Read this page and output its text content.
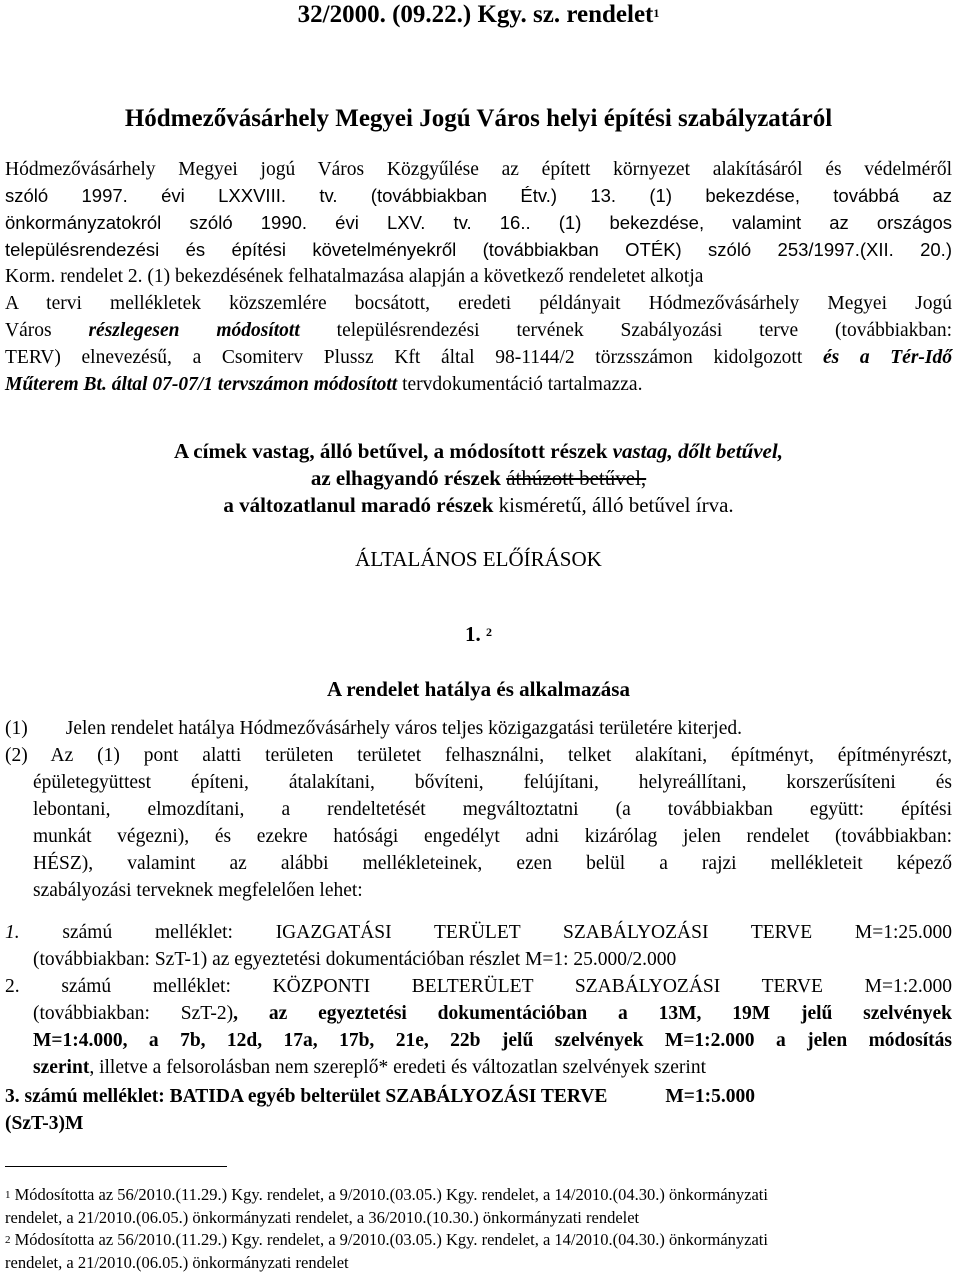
32/2000. (09.22.) Kgy. sz. rendelet$^1$
Hódmezővásárhely Megyei Jogú Város helyi építési szabályzatáról
Hódmezővásárhely Megyei jogú Város Közgyűlése az épített környezet alakításáról és védelméről
szóló 1997. évi LXXVIII. tv. (továbbiakban Étv.) 13. (1) bekezdése, továbbá az
önkormányzatokról szóló 1990. évi LXV. tv. 16.. (1) bekezdése, valamint az országos
településrendezési és építési követelményekről (továbbiakban OTÉK) szóló 253/1997.(XII. 20.)
Korm. rendelet 2. (1) bekezdésének felhatalmazása alapján a következő rendeletet alkotja
A tervi mellékletek közszemlére bocsátott, eredeti példányait Hódmezővásárhely Megyei Jogú
Város részlegesen módosított településrendezési tervének Szabályozási terve (továbbiakban:
TERV) elnevezésű, a Csomiterv Plussz Kft által 98-1144/2 törzsszámon kidolgozott és a Tér-Idő
Műterem Bt. által 07-07/1 tervszámon módosított tervdokumentáció tartalmazza.
A címek vastag, álló betűvel, a módosított részek vastag, dőlt betűvel,
az elhagyandó részek áthúzott betűvel,
a változatlanul maradó részek kisméretű, álló betűvel írva.
ÁLTALÁNOS ELŐÍRÁSOK
1. $^2$
A rendelet hatálya és alkalmazása
(1) Jelen rendelet hatálya Hódmezővásárhely város teljes közigazgatási területére kiterjed.
(2) Az (1) pont alatti területen területet felhasználni, telket alakítani, építményt, építményrészt,
épületegyüttest építeni, átalakítani, bővíteni, felújítani, helyreállítani, korszerűsíteni és
lebontani, elmozdítani, a rendeltetését megváltoztatni (a továbbiakban együtt: építési
munkát végezni), és ezekre hatósági engedélyt adni kizárólag jelen rendelet (továbbiakban:
HÉSZ), valamint az alábbi mellékleteinek, ezen belül a rajzi mellékleteit képező
szabályozási terveknek megfelelően lehet:
1. számú melléklet: IGAZGATÁSI TERÜLET SZABÁLYOZÁSI TERVE M=1:25.000
(továbbiakban: SzT-1) az egyeztetési dokumentációban részlet M=1: 25.000/2.000
2. számú melléklet: KÖZPONTI BELTERÜLET SZABÁLYOZÁSI TERVE M=1:2.000
(továbbiakban: SzT-2), az egyeztetési dokumentációban a 13M, 19M jelű szelvények
M=1:4.000, a 7b, 12d, 17a, 17b, 21e, 22b jelű szelvények M=1:2.000 a jelen módosítás
szerint, illetve a felsorolásban nem szereplő* eredeti és változatlan szelvények szerint
3. számú melléklet: BATIDA egyéb belterület SZABÁLYOZÁSI TERVE	M=1:5.000
(SzT-3)M
$^1$ Módosította az 56/2010.(11.29.) Kgy. rendelet, a 9/2010.(03.05.) Kgy. rendelet, a 14/2010.(04.30.) önkormányzati
rendelet, a 21/2010.(06.05.) önkormányzati rendelet, a 36/2010.(10.30.) önkormányzati rendelet
$^2$ Módosította az 56/2010.(11.29.) Kgy. rendelet, a 9/2010.(03.05.) Kgy. rendelet, a 14/2010.(04.30.) önkormányzati
rendelet, a 21/2010.(06.05.) önkormányzati rendelet
